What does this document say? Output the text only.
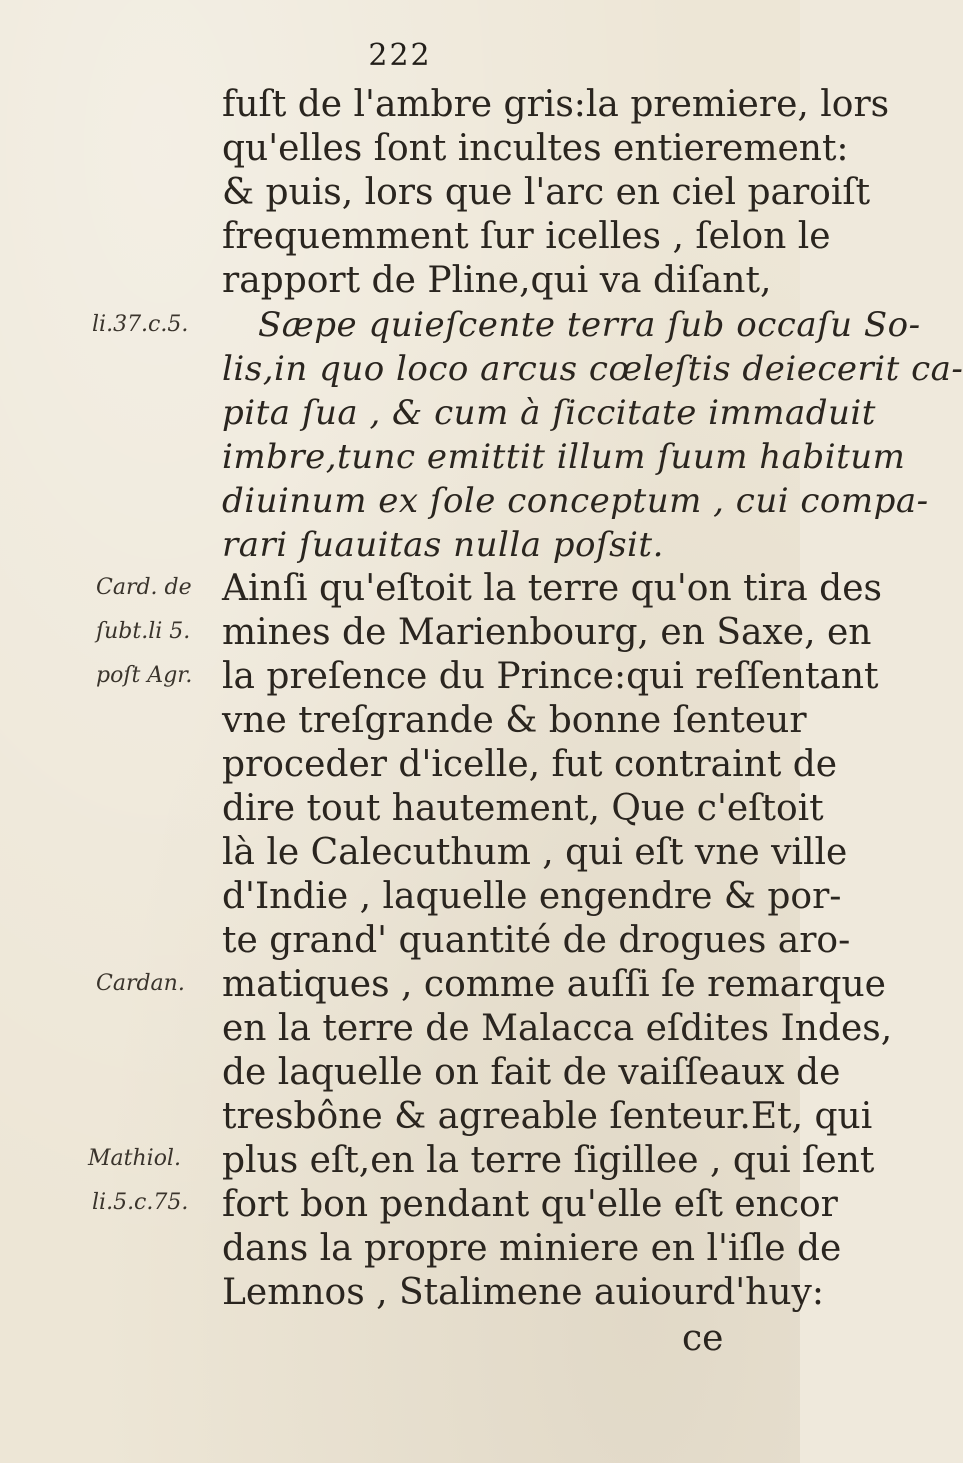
222
fuſt de l'ambre gris:la premiere, lors
qu'elles ſont incultes entierement:
& puis, lors que l'arc en ciel paroiſt
frequemment ſur icelles , ſelon le
rapport de Pline,qui va diſant,
Sæpe quieſcente terra ſub occaſu So-
lis,in quo loco arcus cœleſtis deiecerit ca-
pita ſua , & cum à ſiccitate immaduit
imbre,tunc emittit illum ſuum habitum
diuinum ex ſole conceptum , cui compa-
rari ſuauitas nulla poſsit.
Ainſi qu'eſtoit la terre qu'on tira des
mines de Marienbourg, en Saxe, en
la preſence du Prince:qui reſſentant
vne treſgrande & bonne ſenteur
proceder d'icelle, fut contraint de
dire tout hautement, Que c'eſtoit
là le Calecuthum , qui eſt vne ville
d'Indie , laquelle engendre & por-
te grand' quantité de drogues aro-
matiques , comme auſſi ſe remarque
en la terre de Malacca eſdites Indes,
de laquelle on fait de vaiſſeaux de
tresbône & agreable ſenteur.Et, qui
plus eſt,en la terre ſigillee , qui ſent
fort bon pendant qu'elle eſt encor
dans la propre miniere en l'iſle de
Lemnos , Stalimene auiourd'huy:
ce
li.37.c.5.
Card. de
ſubt.li 5.
poſt Agr.
Cardan.
Mathiol.
li.5.c.75.
